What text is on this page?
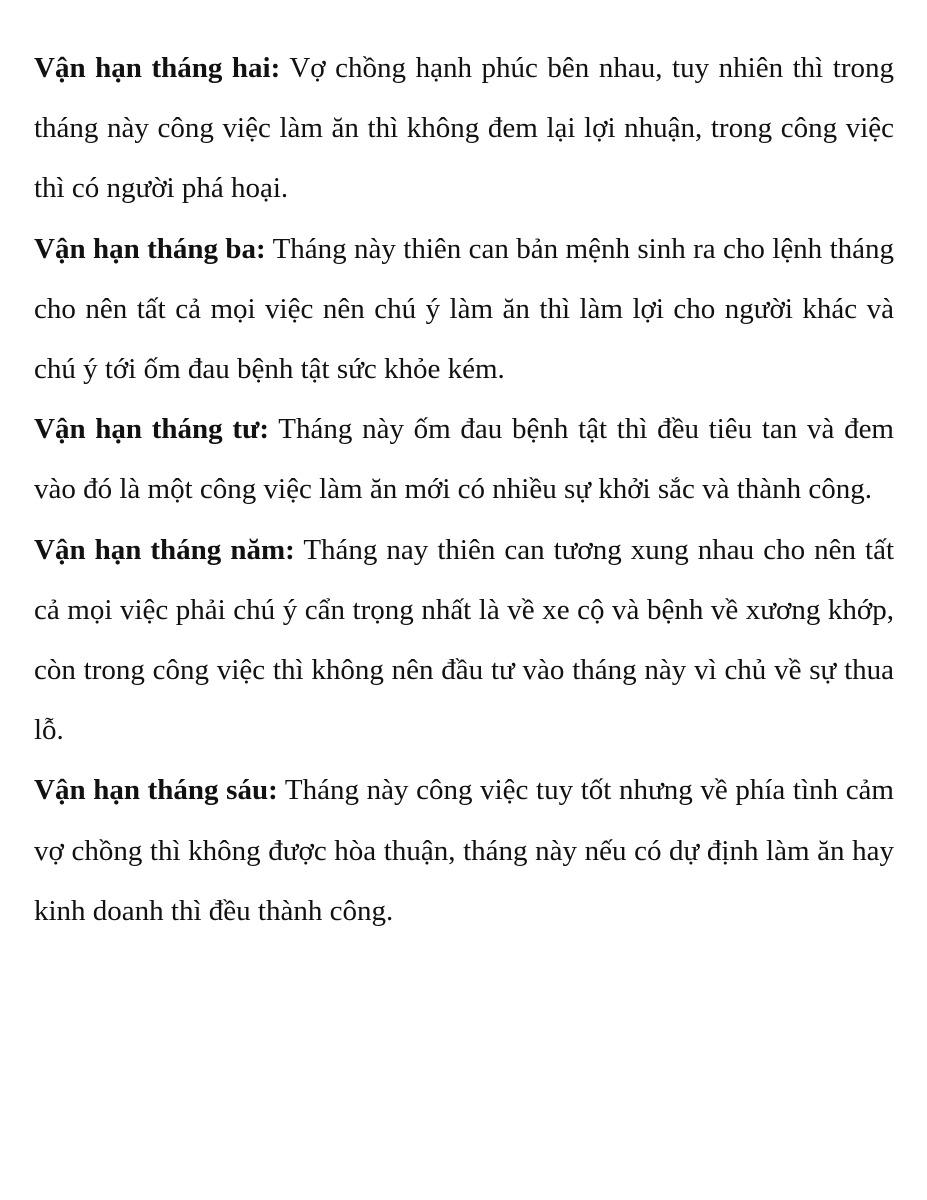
Vận hạn tháng hai: Vợ chồng hạnh phúc bên nhau, tuy nhiên thì trong tháng này công việc làm ăn thì không đem lại lợi nhuận, trong công việc thì có người phá hoại.

Vận hạn tháng ba: Tháng này thiên can bản mệnh sinh ra cho lệnh tháng cho nên tất cả mọi việc nên chú ý làm ăn thì làm lợi cho người khác và chú ý tới ốm đau bệnh tật sức khỏe kém.

Vận hạn tháng tư: Tháng này ốm đau bệnh tật thì đều tiêu tan và đem vào đó là một công việc làm ăn mới có nhiều sự khởi sắc và thành công.

Vận hạn tháng năm: Tháng nay thiên can tương xung nhau cho nên tất cả mọi việc phải chú ý cẩn trọng nhất là về xe cộ và bệnh về xương khớp, còn trong công việc thì không nên đầu tư vào tháng này vì chủ về sự thua lỗ.

Vận hạn tháng sáu: Tháng này công việc tuy tốt nhưng về phía tình cảm vợ chồng thì không được hòa thuận, tháng này nếu có dự định làm ăn hay kinh doanh thì đều thành công.
